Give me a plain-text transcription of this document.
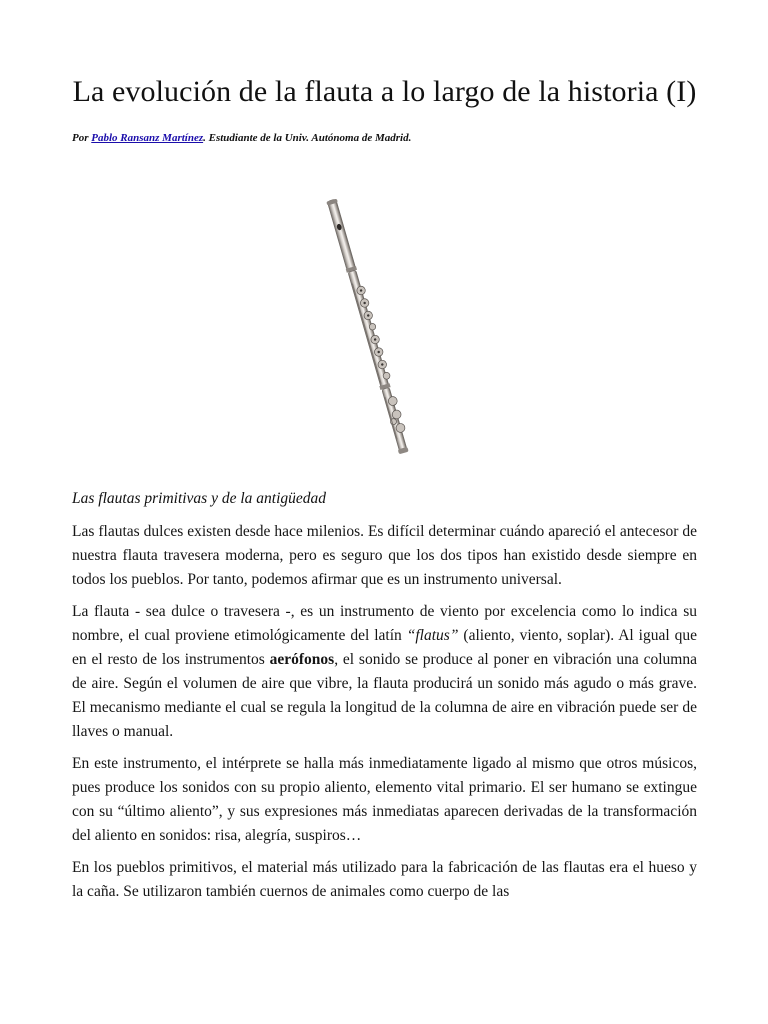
La evolución de la flauta a lo largo de la historia (I)
Por Pablo Ransanz Martínez. Estudiante de la Univ. Autónoma de Madrid.
Las flautas primitivas y de la antigüedad

Las flautas dulces existen desde hace milenios. Es difícil determinar cuándo apareció el antecesor de nuestra flauta travesera moderna, pero es seguro que los dos tipos han existido desde siempre en todos los pueblos. Por tanto, podemos afirmar que es un instrumento universal.

La flauta - sea dulce o travesera -, es un instrumento de viento por excelencia como lo indica su nombre, el cual proviene etimológicamente del latín “flatus” (aliento, viento, soplar). Al igual que en el resto de los instrumentos aerófonos, el sonido se produce al poner en vibración una columna de aire. Según el volumen de aire que vibre, la flauta producirá un sonido más agudo o más grave. El mecanismo mediante el cual se regula la longitud de la columna de aire en vibración puede ser de llaves o manual.

En este instrumento, el intérprete se halla más inmediatamente ligado al mismo que otros músicos, pues produce los sonidos con su propio aliento, elemento vital primario. El ser humano se extingue con su “último aliento”, y sus expresiones más inmediatas aparecen derivadas de la transformación del aliento en sonidos: risa, alegría, suspiros…

En los pueblos primitivos, el material más utilizado para la fabricación de las flautas era el hueso y la caña. Se utilizaron también cuernos de animales como cuerpo de las
